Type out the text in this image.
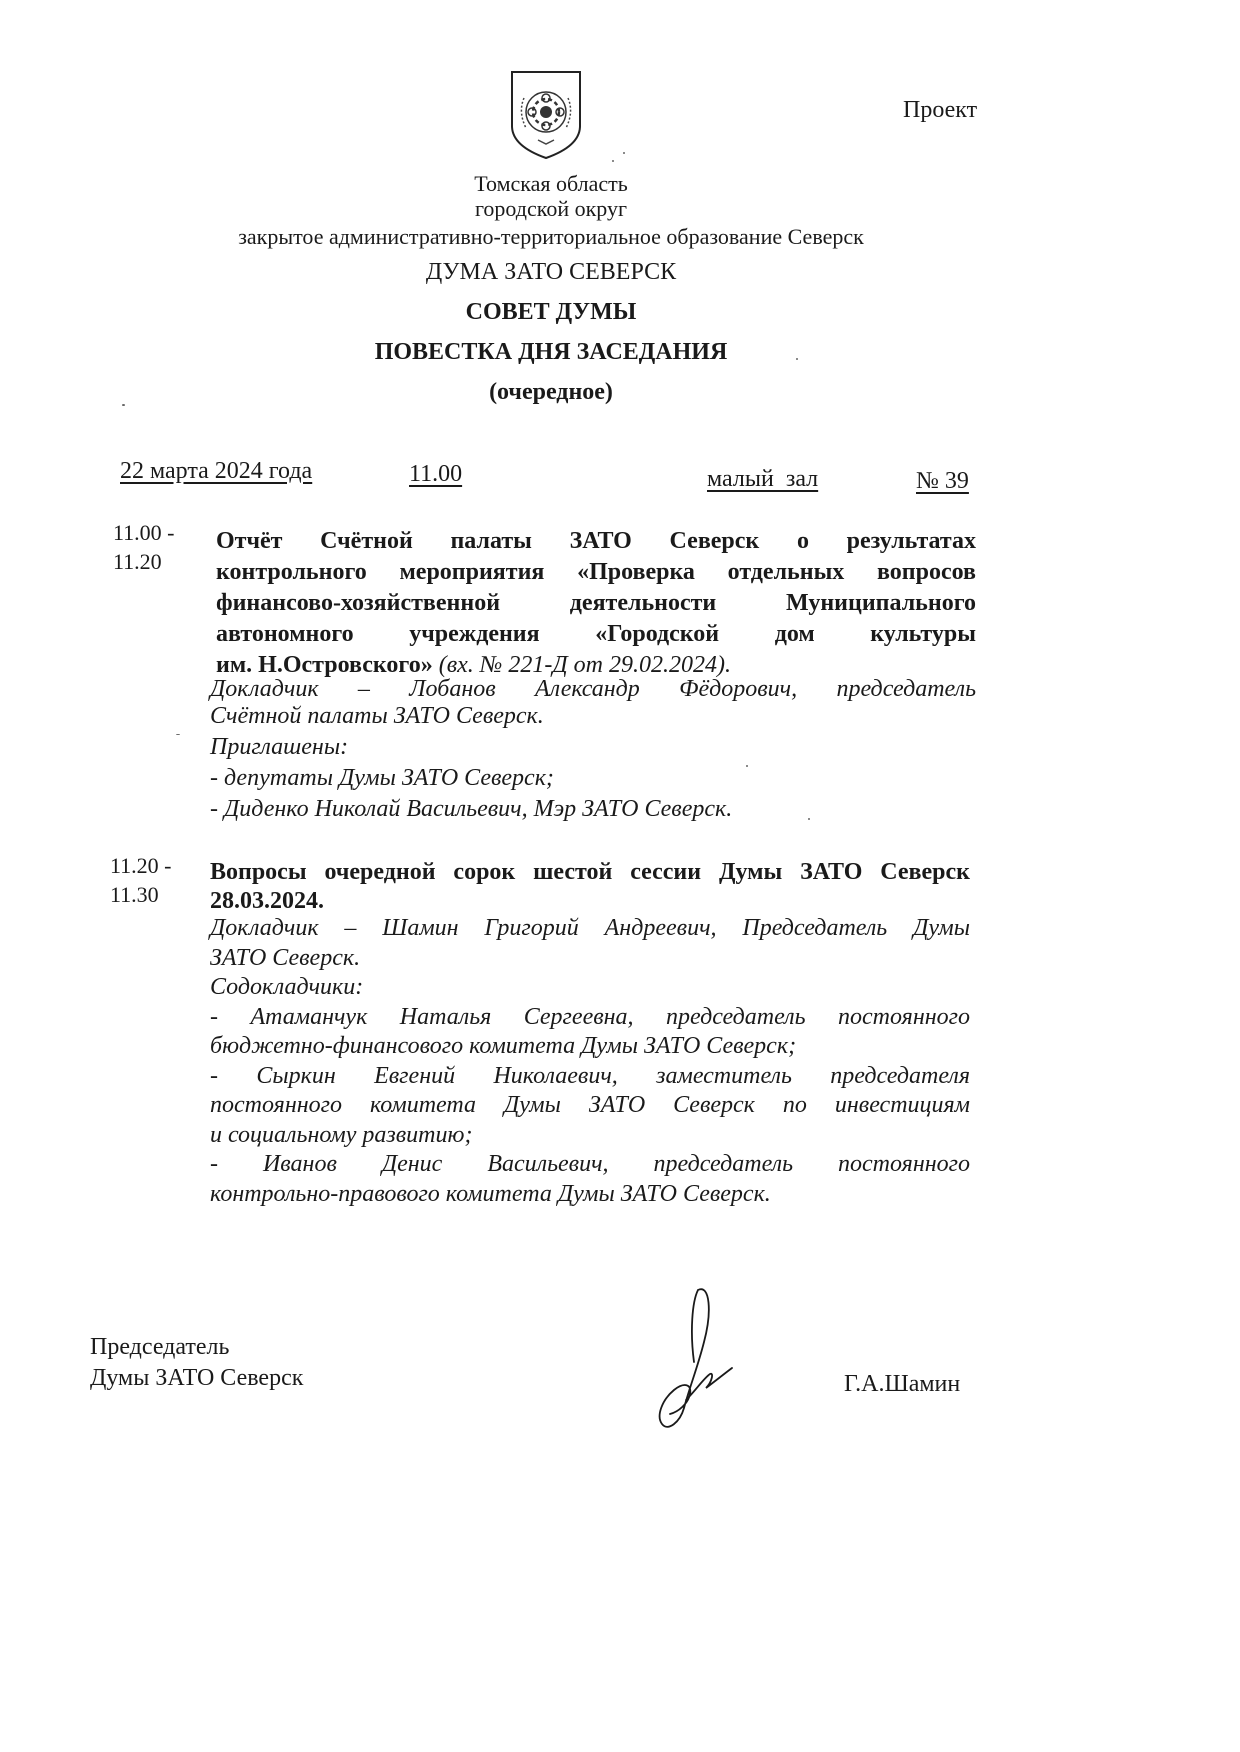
Проект
Томская область
городской округ
закрытое административно-территориальное образование Северск
ДУМА ЗАТО СЕВЕРСК
СОВЕТ ДУМЫ
ПОВЕСТКА ДНЯ ЗАСЕДАНИЯ
(очередное)
22 марта 2024 года	11.00	малый  зал	№ 39
11.00 -
11.20
Отчёт Счётной палаты ЗАТО Северск о результатах
контрольного мероприятия «Проверка отдельных вопросов
финансово-хозяйственной деятельности Муниципального
автономного учреждения «Городской дом культуры
им. Н.Островского» (вх. № 221-Д от 29.02.2024).
Докладчик – Лобанов Александр Фёдорович, председатель
Счётной палаты ЗАТО Северск.
Приглашены:
- депутаты Думы ЗАТО Северск;
- Диденко Николай Васильевич, Мэр ЗАТО Северск.
11.20 -
11.30
Вопросы очередной сорок шестой сессии Думы ЗАТО Северск
28.03.2024.
Докладчик – Шамин Григорий Андреевич, Председатель Думы
ЗАТО Северск.
Содокладчики:
- Атаманчук Наталья Сергеевна, председатель постоянного
бюджетно-финансового комитета Думы ЗАТО Северск;
- Сыркин Евгений Николаевич, заместитель председателя
постоянного комитета Думы ЗАТО Северск по инвестициям
и социальному развитию;
- Иванов Денис Васильевич, председатель постоянного
контрольно-правового комитета Думы ЗАТО Северск.
Председатель
Думы ЗАТО Северск	Г.А.Шамин
